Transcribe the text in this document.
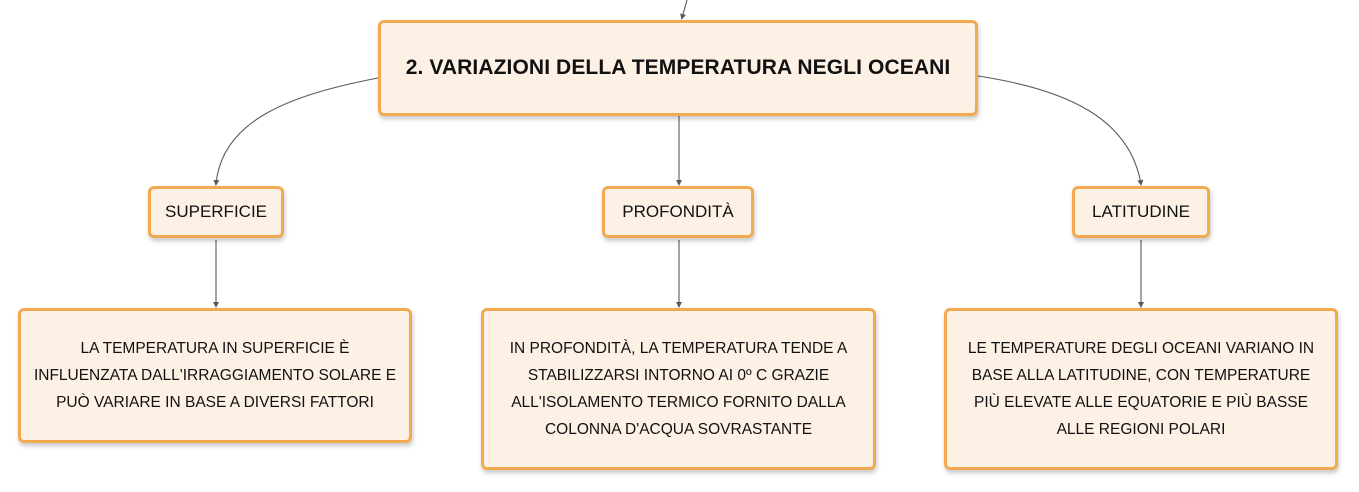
2. VARIAZIONI DELLA TEMPERATURA NEGLI OCEANI
SUPERFICIE	PROFONDITÀ	LATITUDINE
LA TEMPERATURA IN SUPERFICIE È INFLUENZATA DALL'IRRAGGIAMENTO SOLARE E PUÒ VARIARE IN BASE A DIVERSI FATTORI
IN PROFONDITÀ, LA TEMPERATURA TENDE A STABILIZZARSI INTORNO AI 0º C GRAZIE ALL'ISOLAMENTO TERMICO FORNITO DALLA COLONNA D'ACQUA SOVRASTANTE
LE TEMPERATURE DEGLI OCEANI VARIANO IN BASE ALLA LATITUDINE, CON TEMPERATURE PIÙ ELEVATE ALLE EQUATORIE E PIÙ BASSE ALLE REGIONI POLARI
